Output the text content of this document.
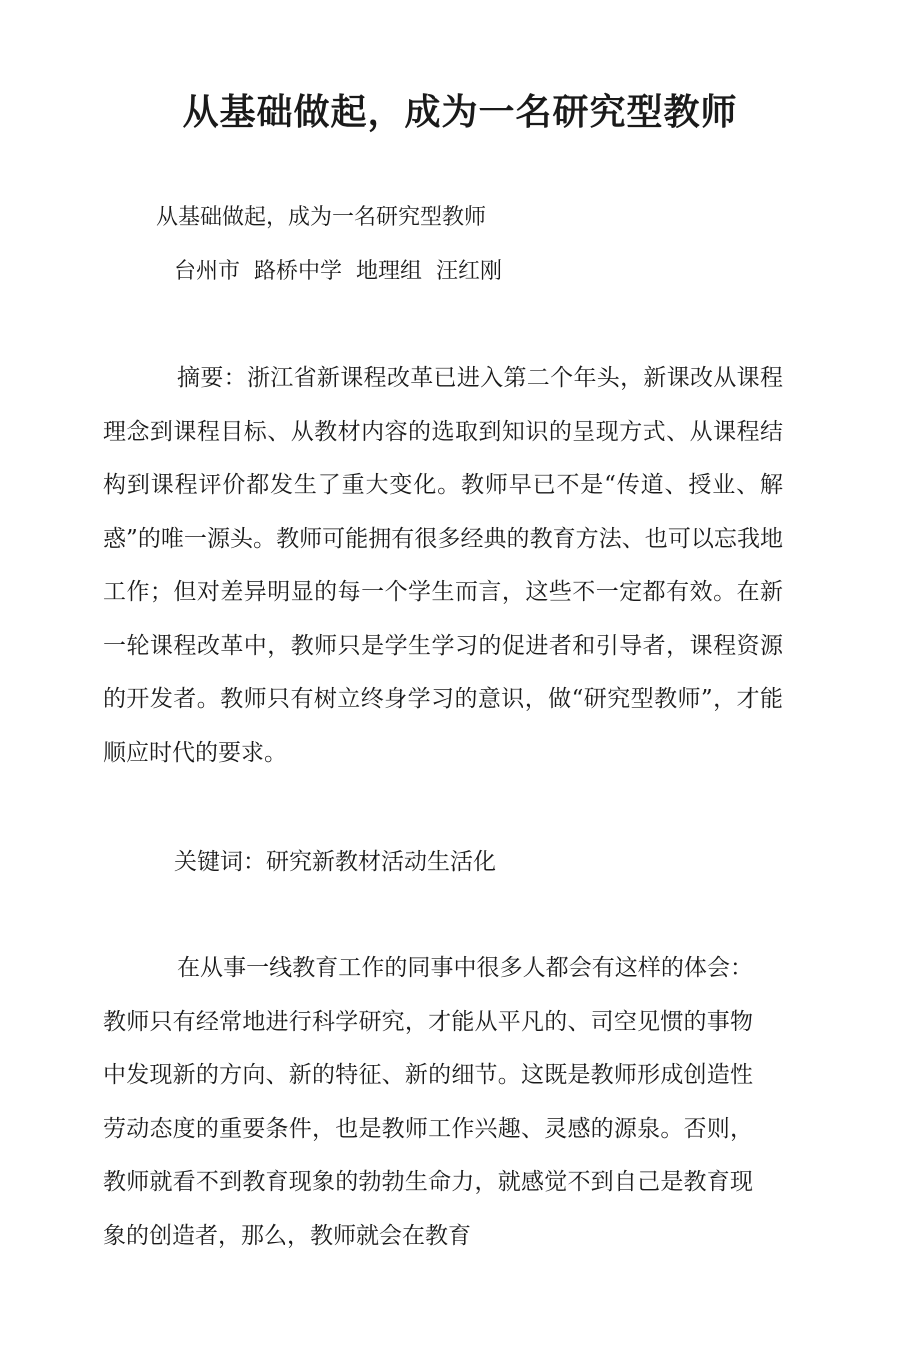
从基础做起，成为一名研究型教师
从基础做起，成为一名研究型教师
台州市  路桥中学  地理组  汪红刚
摘要：浙江省新课程改革已进入第二个年头，新课改从课程理念到课程目标、从教材内容的选取到知识的呈现方式、从课程结构到课程评价都发生了重大变化。教师早已不是“传道、授业、解惑”的唯一源头。教师可能拥有很多经典的教育方法、也可以忘我地工作；但对差异明显的每一个学生而言，这些不一定都有效。在新一轮课程改革中，教师只是学生学习的促进者和引导者，课程资源的开发者。教师只有树立终身学习的意识，做“研究型教师”，才能顺应时代的要求。
关键词：研究新教材活动生活化
在从事一线教育工作的同事中很多人都会有这样的体会：教师只有经常地进行科学研究，才能从平凡的、司空见惯的事物中发现新的方向、新的特征、新的细节。这既是教师形成创造性劳动态度的重要条件，也是教师工作兴趣、灵感的源泉。否则，教师就看不到教育现象的勃勃生命力，就感觉不到自己是教育现象的创造者，那么，教师就会在教育
